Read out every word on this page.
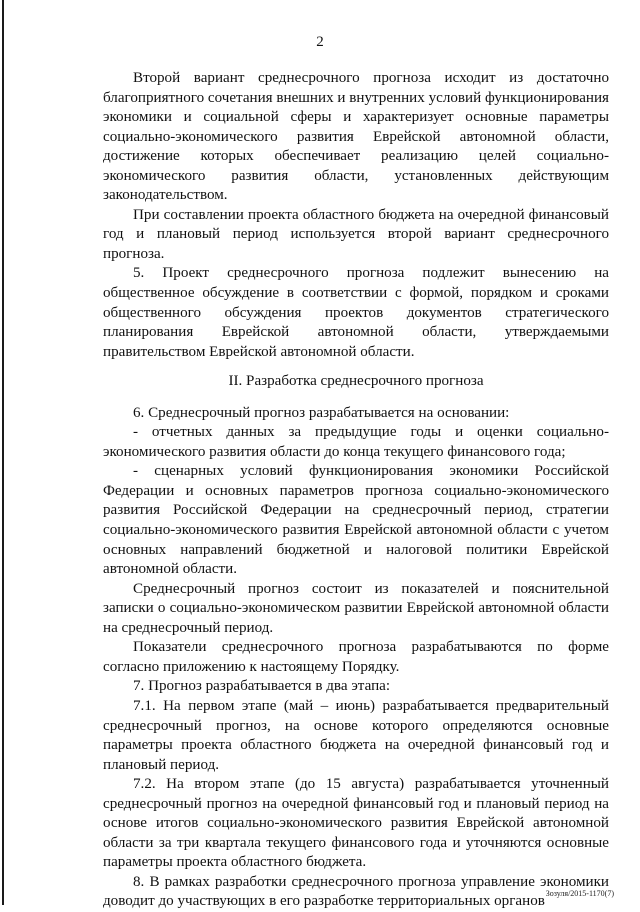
2

Второй вариант среднесрочного прогноза исходит из достаточно благоприятного сочетания внешних и внутренних условий функционирования экономики и социальной сферы и характеризует основные параметры социально-экономического развития Еврейской автономной области, достижение которых обеспечивает реализацию целей социально-экономического развития области, установленных действующим законодательством.

При составлении проекта областного бюджета на очередной финансовый год и плановый период используется второй вариант среднесрочного прогноза.

5. Проект среднесрочного прогноза подлежит вынесению на общественное обсуждение в соответствии с формой, порядком и сроками общественного обсуждения проектов документов стратегического планирования Еврейской автономной области, утверждаемыми правительством Еврейской автономной области.

II. Разработка среднесрочного прогноза

6. Среднесрочный прогноз разрабатывается на основании:

- отчетных данных за предыдущие годы и оценки социально-экономического развития области до конца текущего финансового года;

- сценарных условий функционирования экономики Российской Федерации и основных параметров прогноза социально-экономического развития Российской Федерации на среднесрочный период, стратегии социально-экономического развития Еврейской автономной области с учетом основных направлений бюджетной и налоговой политики Еврейской автономной области.

Среднесрочный прогноз состоит из показателей и пояснительной записки о социально-экономическом развитии Еврейской автономной области на среднесрочный период.

Показатели среднесрочного прогноза разрабатываются по форме согласно приложению к настоящему Порядку.

7. Прогноз разрабатывается в два этапа:

7.1. На первом этапе (май – июнь) разрабатывается предварительный среднесрочный прогноз, на основе которого определяются основные параметры проекта областного бюджета на очередной финансовый год и плановый период.

7.2. На втором этапе (до 15 августа) разрабатывается уточненный среднесрочный прогноз на очередной финансовый год и плановый период на основе итогов социально-экономического развития Еврейской автономной области за три квартала текущего финансового года и уточняются основные параметры проекта областного бюджета.

8. В рамках разработки среднесрочного прогноза управление экономики доводит до участвующих в его разработке территориальных органов Зозуля/2015-1170(7)
